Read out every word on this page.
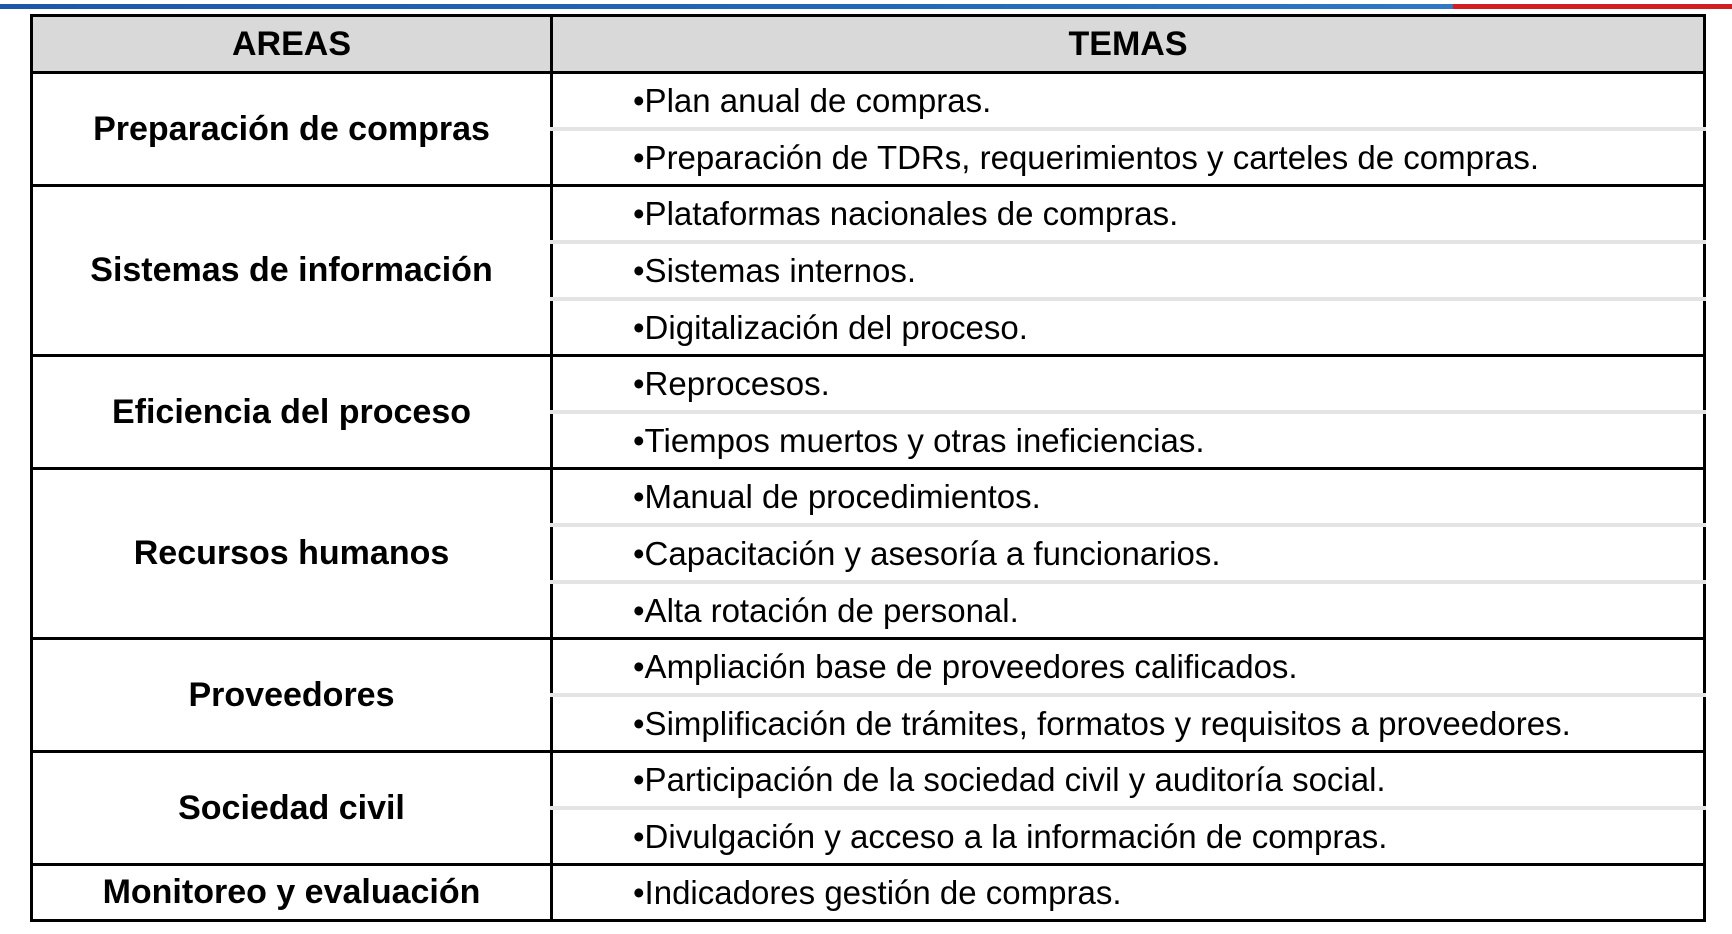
AREAS	TEMAS
Preparación de compras	•Plan anual de compras.
	•Preparación de TDRs, requerimientos y carteles de compras.
Sistemas de información	•Plataformas nacionales de compras.
	•Sistemas internos.
	•Digitalización del proceso.
Eficiencia del proceso	•Reprocesos.
	•Tiempos muertos y otras ineficiencias.
Recursos humanos	•Manual de procedimientos.
	•Capacitación y asesoría a funcionarios.
	•Alta rotación de personal.
Proveedores	•Ampliación base de proveedores calificados.
	•Simplificación de trámites, formatos y requisitos a proveedores.
Sociedad civil	•Participación de la sociedad civil y auditoría social.
	•Divulgación y acceso a la información de compras.
Monitoreo y evaluación	•Indicadores gestión de compras.
